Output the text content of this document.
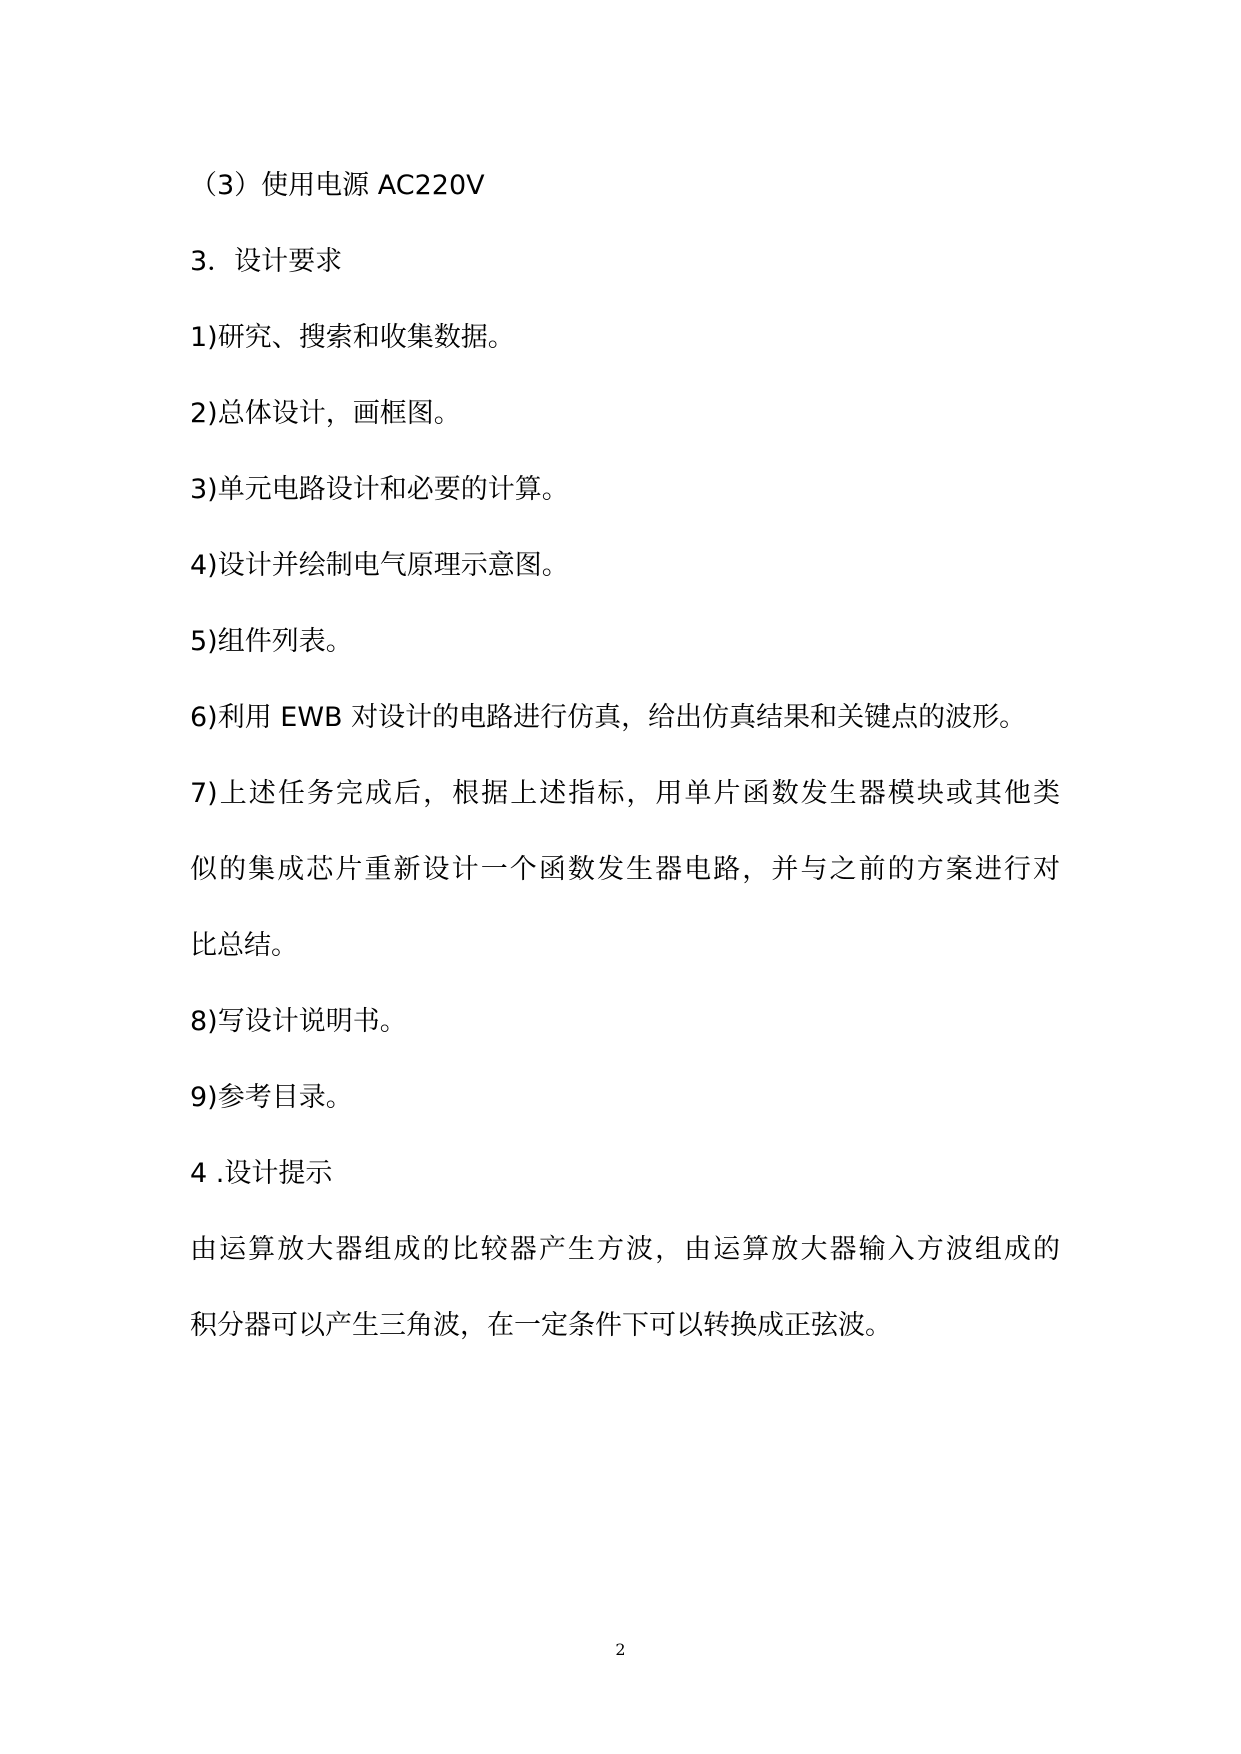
（3）使用电源 AC220V

3．设计要求

1)研究、搜索和收集数据。

2)总体设计，画框图。

3)单元电路设计和必要的计算。

4)设计并绘制电气原理示意图。

5)组件列表。

6)利用 EWB 对设计的电路进行仿真，给出仿真结果和关键点的波形。

7)上述任务完成后，根据上述指标，用单片函数发生器模块或其他类

似的集成芯片重新设计一个函数发生器电路，并与之前的方案进行对

比总结。

8)写设计说明书。

9)参考目录。

4 .设计提示

由运算放大器组成的比较器产生方波，由运算放大器输入方波组成的

积分器可以产生三角波，在一定条件下可以转换成正弦波。

2
